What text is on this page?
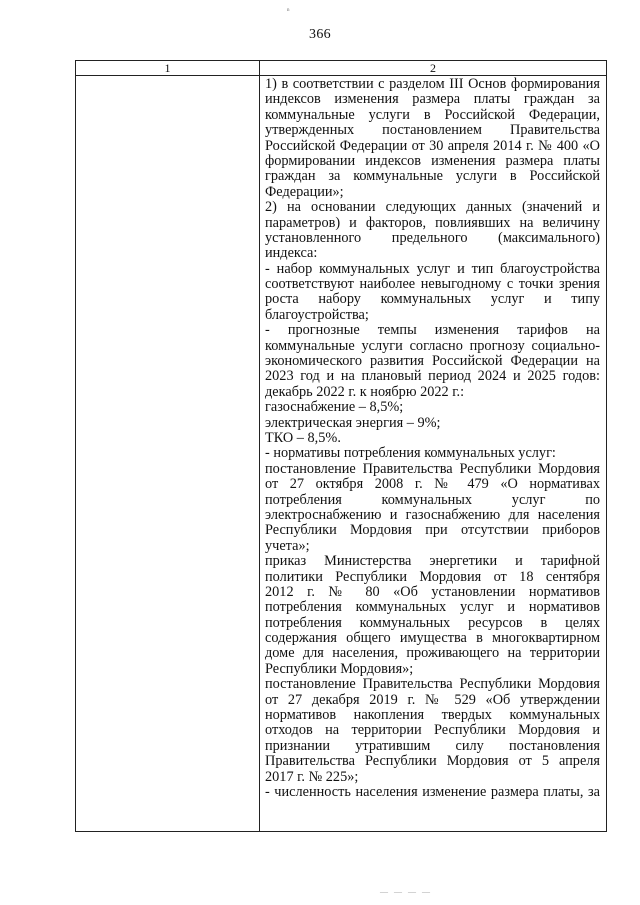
ⁿ
366
1	2
1) в соответствии с разделом III Основ формирования
индексов изменения размера платы граждан за
коммунальные услуги в Российской Федерации,
утвержденных постановлением Правительства
Российской Федерации от 30 апреля 2014 г. № 400 «О
формировании индексов изменения размера платы
граждан за коммунальные услуги в Российской
Федерации»;
2) на основании следующих данных (значений и
параметров) и факторов, повлиявших на величину
установленного предельного (максимального)
индекса:
- набор коммунальных услуг и тип благоустройства
соответствуют наиболее невыгодному с точки зрения
роста набору коммунальных услуг и типу
благоустройства;
- прогнозные темпы изменения тарифов на
коммунальные услуги согласно прогнозу социально-
экономического развития Российской Федерации на
2023 год и на плановый период 2024 и 2025 годов:
декабрь 2022 г. к ноябрю 2022 г.:
газоснабжение – 8,5%;
электрическая энергия – 9%;
ТКО – 8,5%.
- нормативы потребления коммунальных услуг:
постановление Правительства Республики Мордовия
от 27 октября 2008 г. № 479 «О нормативах
потребления коммунальных услуг по
электроснабжению и газоснабжению для населения
Республики Мордовия при отсутствии приборов
учета»;
приказ Министерства энергетики и тарифной
политики Республики Мордовия от 18 сентября
2012 г. № 80 «Об установлении нормативов
потребления коммунальных услуг и нормативов
потребления коммунальных ресурсов в целях
содержания общего имущества в многоквартирном
доме для населения, проживающего на территории
Республики Мордовия»;
постановление Правительства Республики Мордовия
от 27 декабря 2019 г. № 529 «Об утверждении
нормативов накопления твердых коммунальных
отходов на территории Республики Мордовия и
признании утратившим силу постановления
Правительства Республики Мордовия от 5 апреля
2017 г. № 225»;
- численность населения изменение размера платы, за
— — — —
